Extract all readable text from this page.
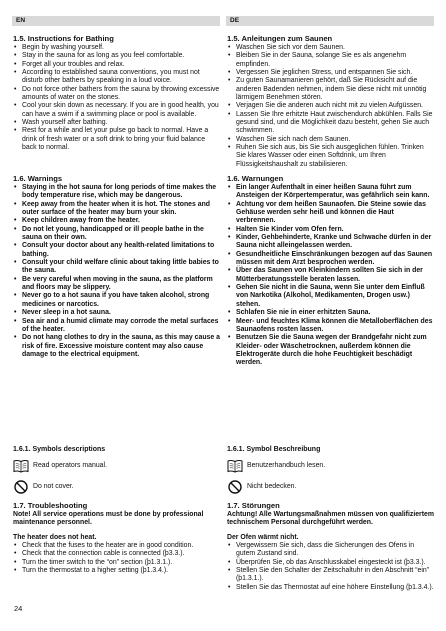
EN	DE
1.5. Instructions for Bathing
• Begin by washing yourself.
• Stay in the sauna for as long as you feel comfortable.
• Forget all your troubles and relax.
• According to established sauna conventions, you must not disturb other bathers by speaking in a loud voice.
• Do not force other bathers from the sauna by throwing excessive amounts of water on the stones.
• Cool your skin down as necessary. If you are in good health, you can have a swim if a swimming place or pool is available.
• Wash yourself after bathing.
• Rest for a while and let your pulse go back to normal. Have a drink of fresh water or a soft drink to bring your fluid balance back to normal.
1.6. Warnings
• Staying in the hot sauna for long periods of time makes the body temperature rise, which may be dangerous.
• Keep away from the heater when it is hot. The stones and outer surface of the heater may burn your skin.
• Keep children away from the heater.
• Do not let young, handicapped or ill people bathe in the sauna on their own.
• Consult your doctor about any health-related limitations to bathing.
• Consult your child welfare clinic about taking little babies to the sauna.
• Be very careful when moving in the sauna, as the platform and floors may be slippery.
• Never go to a hot sauna if you have taken alcohol, strong medicines or narcotics.
• Never sleep in a hot sauna.
• Sea air and a humid climate may corrode the metal surfaces of the heater.
• Do not hang clothes to dry in the sauna, as this may cause a risk of fire. Excessive moisture content may also cause damage to the electrical equipment.
1.6.1. Symbols descriptions
Read operators manual.
Do not cover.
1.7. Troubleshooting

Note! All service operations must be done by professional maintenance personnel.

The heater does not heat.

• Check that the fuses to the heater are in good condition.
• Check that the connection cable is connected (þ3.3.).
• Turn the timer switch to the “on” section (þ1.3.1.).
• Turn the thermostat to a higher setting (þ1.3.4.).
1.5. Anleitungen zum Saunen
• Waschen Sie sich vor dem Saunen.
• Bleiben Sie in der Sauna, solange Sie es als angenehm empfinden.
• Vergessen Sie jeglichen Stress, und entspannen Sie sich.
• Zu guten Saunamanieren gehört, daß Sie Rücksicht auf die anderen Badenden nehmen, indem Sie diese nicht mit unnötig lärmigem Benehmen stören.
• Verjagen Sie die anderen auch nicht mit zu vielen Aufgüssen.
• Lassen Sie Ihre erhitzte Haut zwischendurch abkühlen. Falls Sie gesund sind, und die Möglichkeit dazu besteht, gehen Sie auch schwimmen.
• Waschen Sie sich nach dem Saunen.
• Ruhen Sie sich aus, bis Sie sich ausgeglichen fühlen. Trinken Sie klares Wasser oder einen Softdrink, um Ihren Flüssigkeitshaushalt zu stabilisieren.
1.6. Warnungen
• Ein langer Aufenthalt in einer heißen Sauna führt zum Ansteigen der Körpertemperatur, was gefährlich sein kann.
• Achtung vor dem heißen Saunaofen. Die Steine sowie das Gehäuse werden sehr heiß und können die Haut verbrennen.
• Halten Sie Kinder vom Ofen fern.
• Kinder, Gehbehinderte, Kranke und Schwache dürfen in der Sauna nicht alleingelassen werden.
• Gesundheitliche Einschränkungen bezogen auf das Saunen müssen mit dem Arzt besprochen werden.
• Über das Saunen von Kleinkindern sollten Sie sich in der Mütterberatungsstelle beraten lassen.
• Gehen Sie nicht in die Sauna, wenn Sie unter dem Einfluß von Narkotika (Alkohol, Medikamenten, Drogen usw.) stehen.
• Schlafen Sie nie in einer erhitzten Sauna.
• Meer- und feuchtes Klima können die Metalloberflächen des Saunaofens rosten lassen.
• Benutzen Sie die Sauna wegen der Brandgefahr nicht zum Kleider- oder Wäschetrocknen, außerdem können die Elektrogeräte durch die hohe Feuchtigkeit beschädigt werden.
1.6.1. Symbol Beschreibung
Benutzerhandbuch lesen.
Nicht bedecken.
1.7. Störungen

Achtung! Alle Wartungsmaßnahmen müssen von qualifiziertem technischem Personal durchgeführt werden.

Der Ofen wärmt nicht.

• Vergewissern Sie sich, dass die Sicherungen des Ofens in gutem Zustand sind.
• Überprüfen Sie, ob das Anschlusskabel eingesteckt ist (þ3.3.).
• Stellen Sie den Schalter der Zeitschaltuhr in den Abschnitt “ein” (þ1.3.1.).
• Stellen Sie das Thermostat auf eine höhere Einstellung (þ1.3.4.).
24
